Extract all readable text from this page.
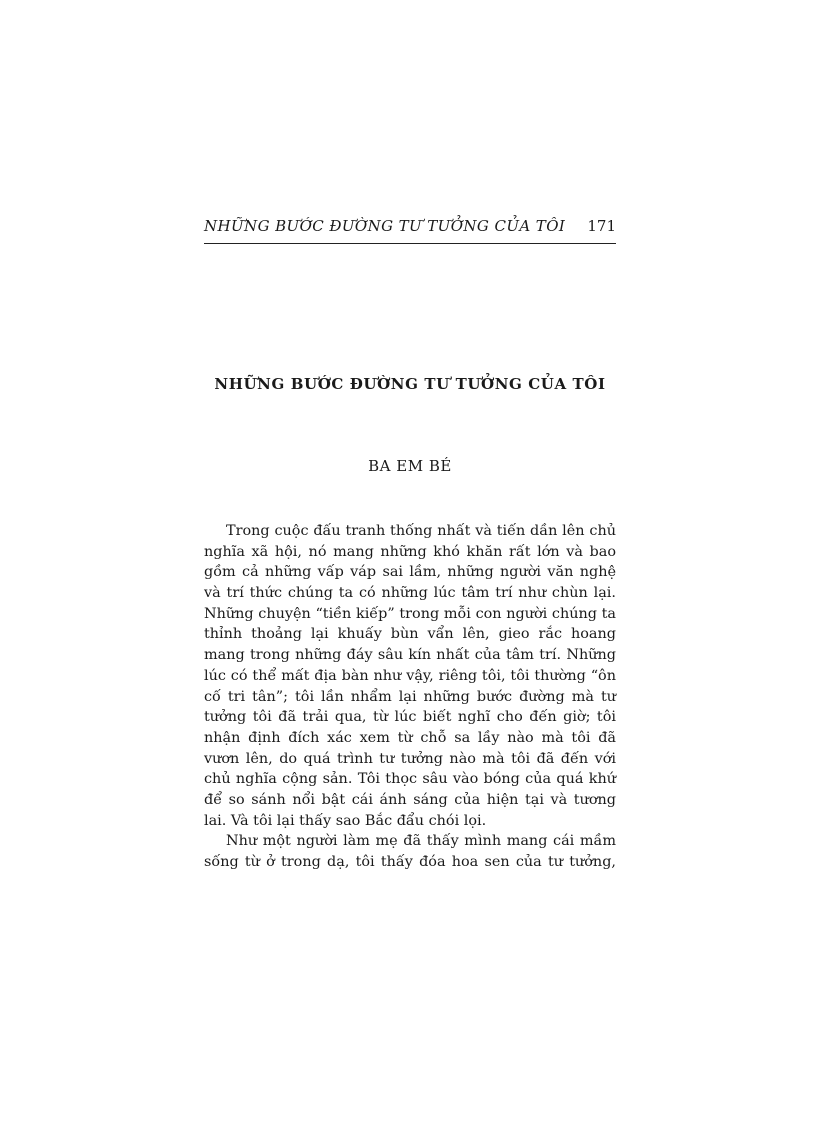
NHỮNG BƯỚC ĐƯỜNG TƯ TƯỞNG CỦA TÔI 171
NHỮNG BƯỚC ĐƯỜNG TƯ TƯỞNG CỦA TÔI
BA EM BÉ
Trong cuộc đấu tranh thống nhất và tiến dần lên chủ
nghĩa xã hội, nó mang những khó khăn rất lớn và bao
gồm cả những vấp váp sai lầm, những người văn nghệ
và trí thức chúng ta có những lúc tâm trí như chùn lại.
Những chuyện “tiền kiếp” trong mỗi con người chúng ta
thỉnh thoảng lại khuấy bùn vẩn lên, gieo rắc hoang
mang trong những đáy sâu kín nhất của tâm trí. Những
lúc có thể mất địa bàn như vậy, riêng tôi, tôi thường “ôn
cố tri tân”; tôi lần nhẩm lại những bước đường mà tư
tưởng tôi đã trải qua, từ lúc biết nghĩ cho đến giờ; tôi
nhận định đích xác xem từ chỗ sa lầy nào mà tôi đã
vươn lên, do quá trình tư tưởng nào mà tôi đã đến với
chủ nghĩa cộng sản. Tôi thọc sâu vào bóng của quá khứ
để so sánh nổi bật cái ánh sáng của hiện tại và tương
lai. Và tôi lại thấy sao Bắc đẩu chói lọi.
Như một người làm mẹ đã thấy mình mang cái mầm
sống từ ở trong dạ, tôi thấy đóa hoa sen của tư tưởng,
